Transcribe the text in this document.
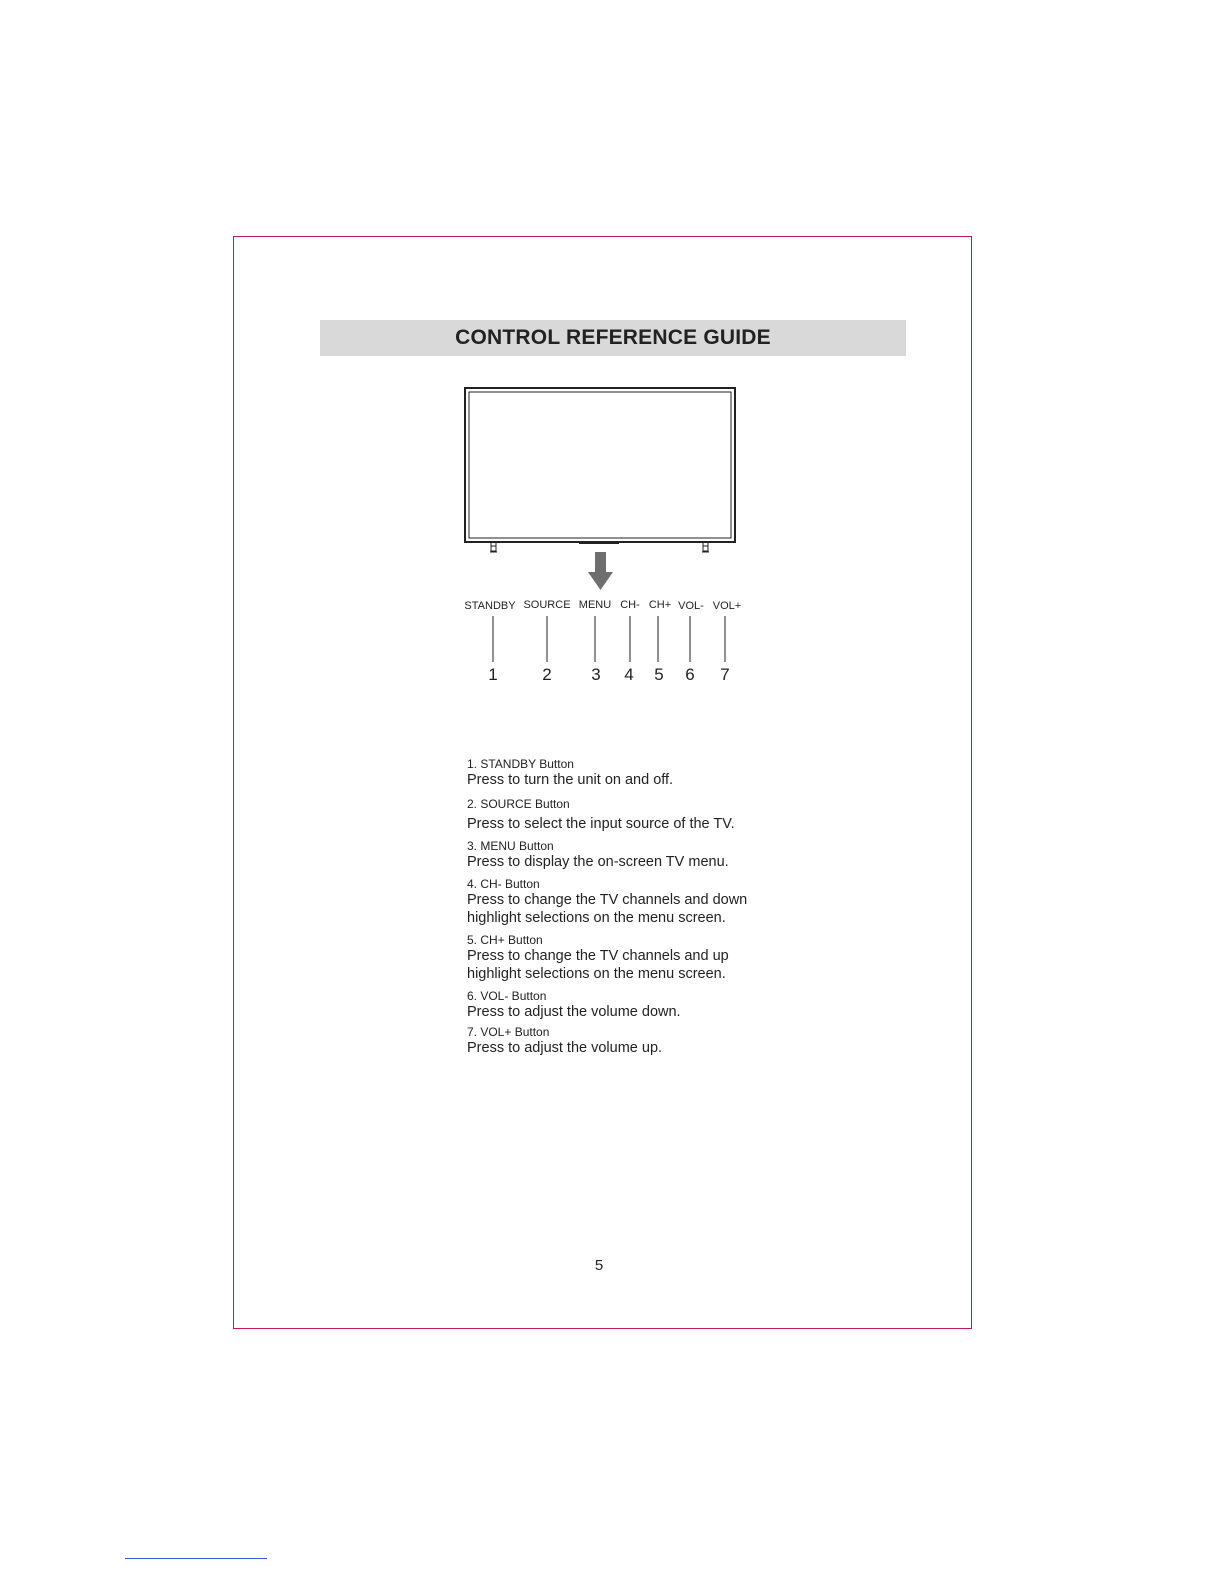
CONTROL REFERENCE GUIDE
STANDBY SOURCE MENU CH- CH+ VOL- VOL+
1	2 3 4 5 6 7
1. STANDBY Button
Press to turn the unit on and off.
2. SOURCE Button
Press to select the input source of the TV.
3. MENU Button
Press to display the on-screen TV menu.
4. CH- Button
Press to change the TV channels and down highlight selections on the menu screen.
5. CH+ Button
Press to change the TV channels and up highlight selections on the menu screen.
6. VOL- Button
Press to adjust the volume down.
7. VOL+ Button
Press to adjust the volume up.
5
